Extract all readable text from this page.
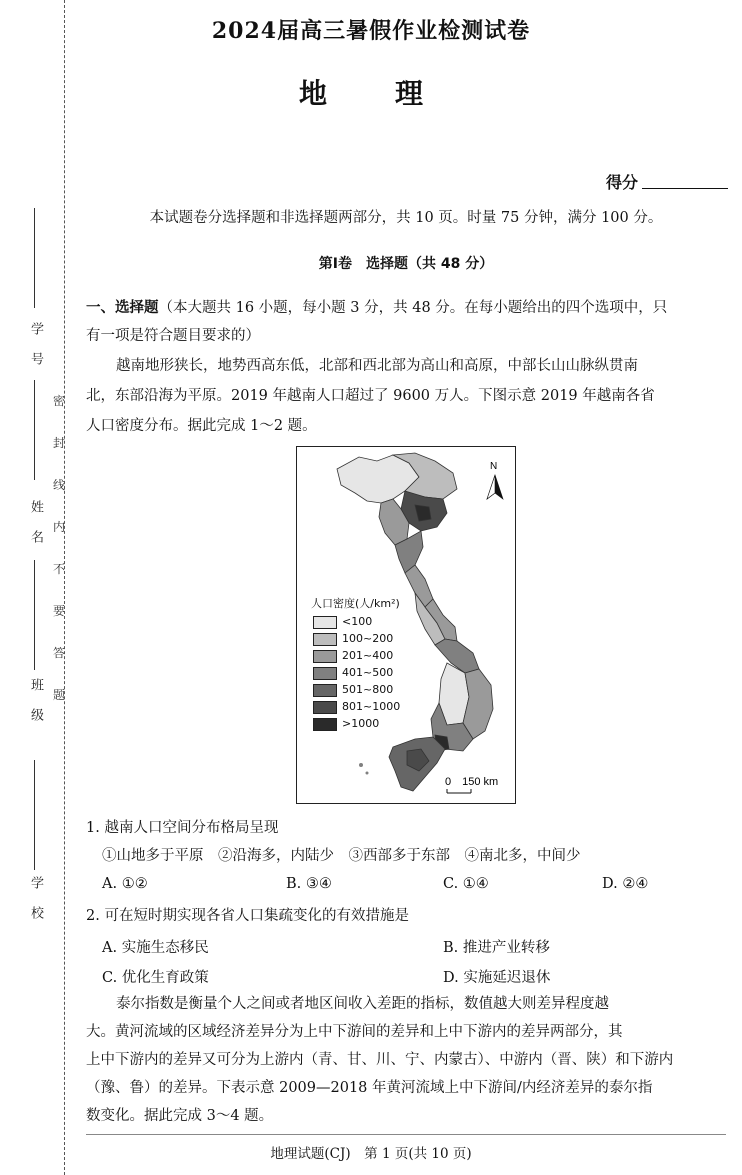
学　号
姓　名
班　级
学　校
密
封
线
内
不
要
答
题
2024届高三暑假作业检测试卷
地　理
得分
本试题卷分选择题和非选择题两部分，共 10 页。时量 75 分钟，满分 100 分。
第Ⅰ卷　选择题（共 48 分）
一、选择题（本大题共 16 小题，每小题 3 分，共 48 分。在每小题给出的四个选项中，只
有一项是符合题目要求的）
越南地形狭长，地势西高东低，北部和西北部为高山和高原，中部长山山脉纵贯南
北，东部沿海为平原。2019 年越南人口超过了 9600 万人。下图示意 2019 年越南各省
人口密度分布。据此完成 1～2 题。
N
0　150 km
人口密度(人/km²)
<100
100~200
201~400
401~500
501~800
801~1000
>1000
1. 越南人口空间分布格局呈现
①山地多于平原　②沿海多，内陆少　③西部多于东部　④南北多，中间少
A. ①②	B. ③④	C. ①④	D. ②④
2. 可在短时期实现各省人口集疏变化的有效措施是
A. 实施生态移民	B. 推进产业转移
C. 优化生育政策	D. 实施延迟退休
泰尔指数是衡量个人之间或者地区间收入差距的指标，数值越大则差异程度越
大。黄河流域的区域经济差异分为上中下游间的差异和上中下游内的差异两部分，其
上中下游内的差异又可分为上游内（青、甘、川、宁、内蒙古）、中游内（晋、陕）和下游内
（豫、鲁）的差异。下表示意 2009—2018 年黄河流域上中下游间/内经济差异的泰尔指
数变化。据此完成 3～4 题。
地理试题(CJ)　第 1 页(共 10 页)
